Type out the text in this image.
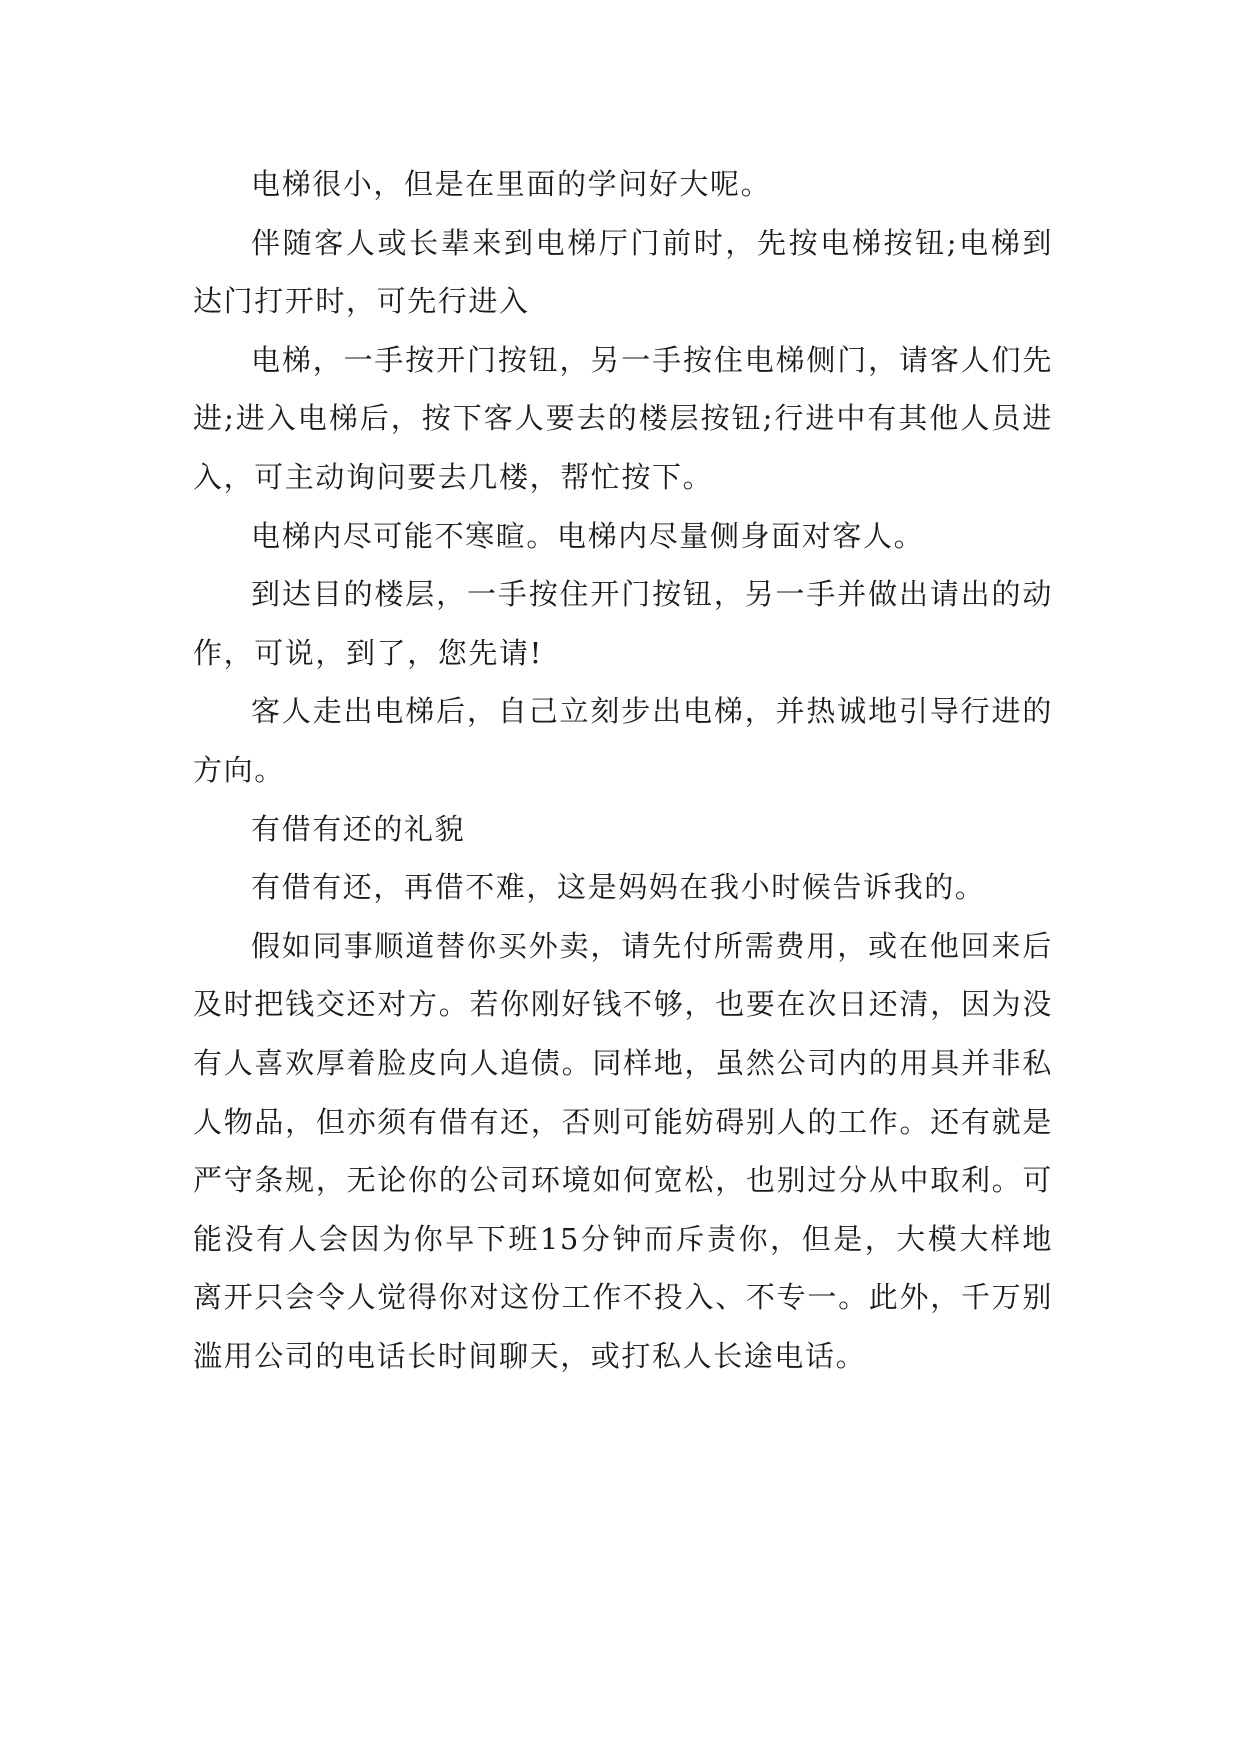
电梯很小，但是在里面的学问好大呢。

伴随客人或长辈来到电梯厅门前时，先按电梯按钮;电梯到达门打开时，可先行进入

电梯，一手按开门按钮，另一手按住电梯侧门，请客人们先进;进入电梯后，按下客人要去的楼层按钮;行进中有其他人员进入，可主动询问要去几楼，帮忙按下。

电梯内尽可能不寒暄。电梯内尽量侧身面对客人。

到达目的楼层，一手按住开门按钮，另一手并做出请出的动作，可说，到了，您先请!

客人走出电梯后，自己立刻步出电梯，并热诚地引导行进的方向。

有借有还的礼貌

有借有还，再借不难，这是妈妈在我小时候告诉我的。

假如同事顺道替你买外卖，请先付所需费用，或在他回来后及时把钱交还对方。若你刚好钱不够，也要在次日还清，因为没有人喜欢厚着脸皮向人追债。同样地，虽然公司内的用具并非私人物品，但亦须有借有还，否则可能妨碍别人的工作。还有就是严守条规，无论你的公司环境如何宽松，也别过分从中取利。可能没有人会因为你早下班15分钟而斥责你，但是，大模大样地离开只会令人觉得你对这份工作不投入、不专一。此外，千万别滥用公司的电话长时间聊天，或打私人长途电话。
